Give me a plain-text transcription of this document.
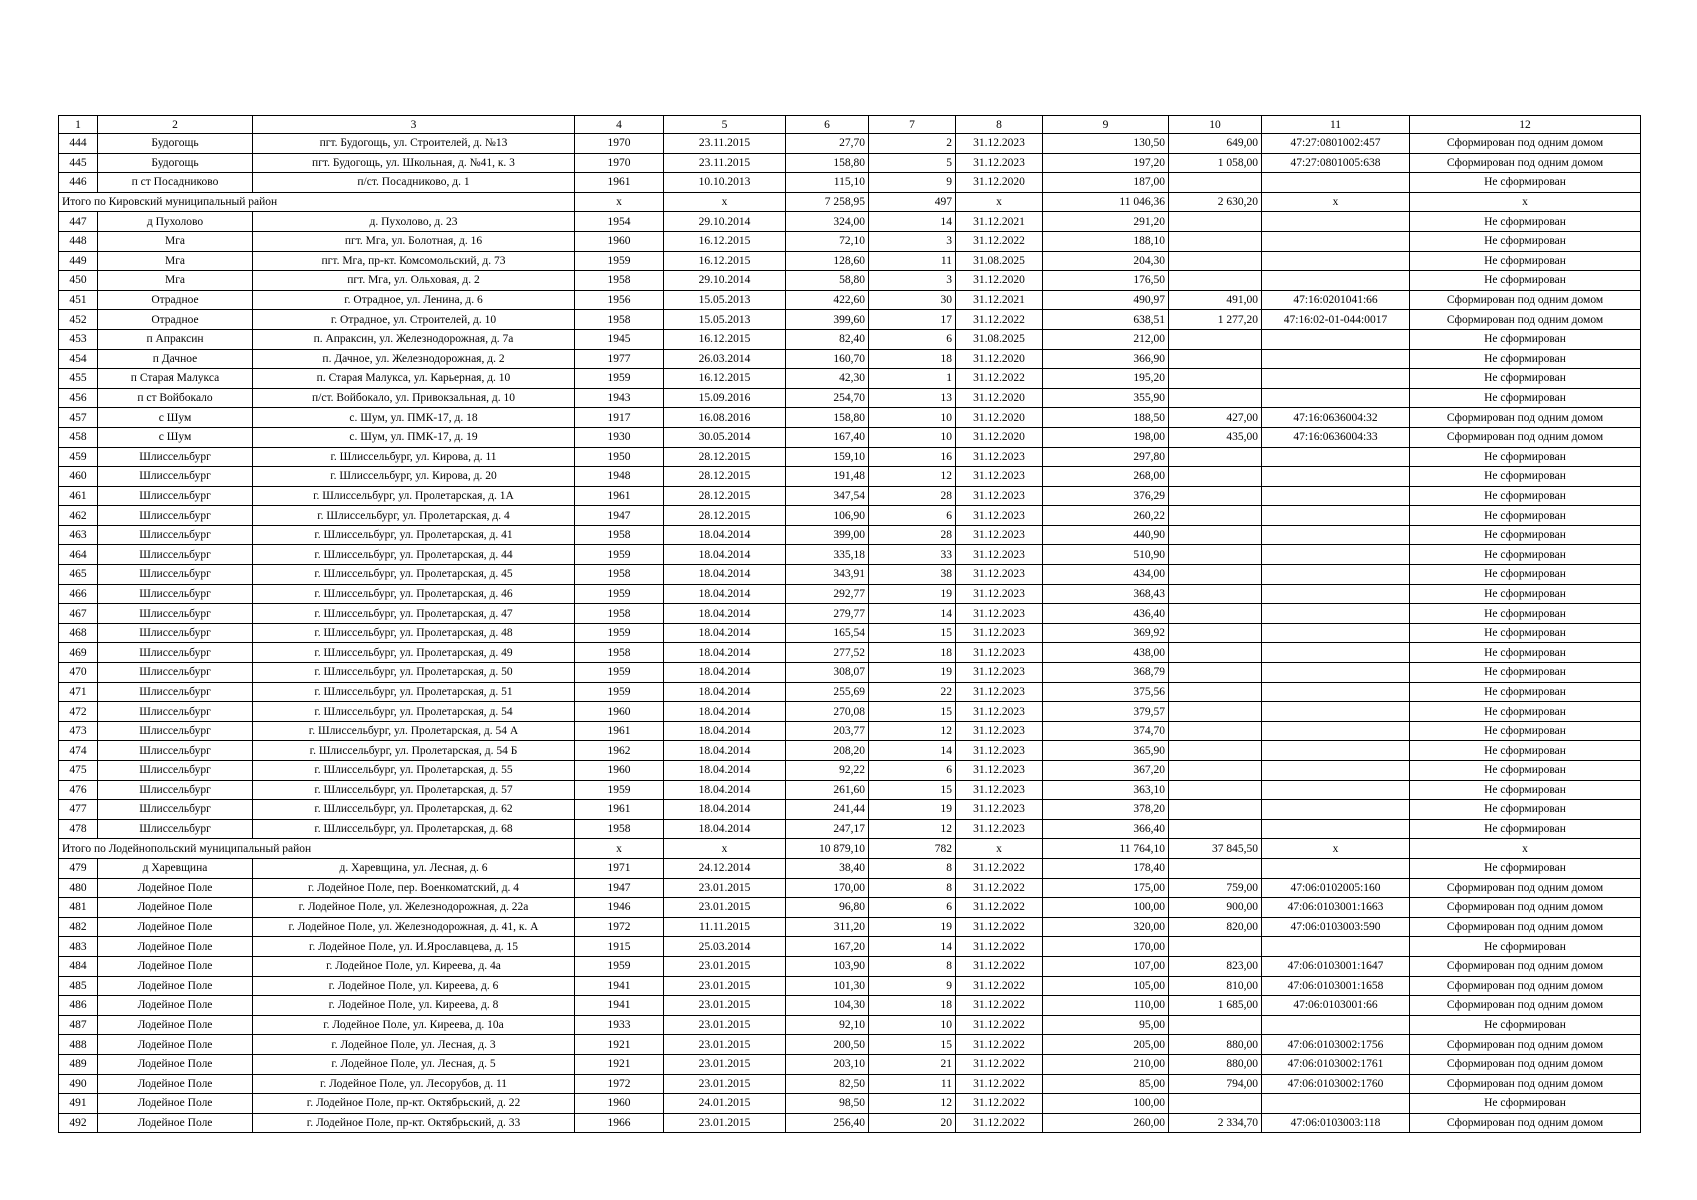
1	2	3	4	5	6	7	8	9	10	11	12
444	Будогощь	пгт. Будогощь, ул. Строителей, д. №13	1970	23.11.2015	27,70	2	31.12.2023	130,50	649,00	47:27:0801002:457	Сформирован под одним домом
445	Будогощь	пгт. Будогощь, ул. Школьная, д. №41, к. 3	1970	23.11.2015	158,80	5	31.12.2023	197,20	1 058,00	47:27:0801005:638	Сформирован под одним домом
446	п ст Посадниково	п/ст. Посадниково, д. 1	1961	10.10.2013	115,10	9	31.12.2020	187,00			Не сформирован
Итого по Кировский муниципальный район			x	x	7 258,95	497	x	11 046,36	2 630,20	x	x
447	д Пухолово	д. Пухолово, д. 23	1954	29.10.2014	324,00	14	31.12.2021	291,20			Не сформирован
448	Мга	пгт. Мга, ул. Болотная, д. 16	1960	16.12.2015	72,10	3	31.12.2022	188,10			Не сформирован
449	Мга	пгт. Мга, пр-кт. Комсомольский, д. 73	1959	16.12.2015	128,60	11	31.08.2025	204,30			Не сформирован
450	Мга	пгт. Мга, ул. Ольховая, д. 2	1958	29.10.2014	58,80	3	31.12.2020	176,50			Не сформирован
451	Отрадное	г. Отрадное, ул. Ленина, д. 6	1956	15.05.2013	422,60	30	31.12.2021	490,97	491,00	47:16:0201041:66	Сформирован под одним домом
452	Отрадное	г. Отрадное, ул. Строителей, д. 10	1958	15.05.2013	399,60	17	31.12.2022	638,51	1 277,20	47:16:02-01-044:0017	Сформирован под одним домом
453	п Апраксин	п. Апраксин, ул. Железнодорожная, д. 7а	1945	16.12.2015	82,40	6	31.08.2025	212,00			Не сформирован
454	п Дачное	п. Дачное, ул. Железнодорожная, д. 2	1977	26.03.2014	160,70	18	31.12.2020	366,90			Не сформирован
455	п Старая Малукса	п. Старая Малукса, ул. Карьерная, д. 10	1959	16.12.2015	42,30	1	31.12.2022	195,20			Не сформирован
456	п ст Войбокало	п/ст. Войбокало, ул. Привокзальная, д. 10	1943	15.09.2016	254,70	13	31.12.2020	355,90			Не сформирован
457	с Шум	с. Шум, ул. ПМК-17, д. 18	1917	16.08.2016	158,80	10	31.12.2020	188,50	427,00	47:16:0636004:32	Сформирован под одним домом
458	с Шум	с. Шум, ул. ПМК-17, д. 19	1930	30.05.2014	167,40	10	31.12.2020	198,00	435,00	47:16:0636004:33	Сформирован под одним домом
459	Шлиссельбург	г. Шлиссельбург, ул. Кирова, д. 11	1950	28.12.2015	159,10	16	31.12.2023	297,80			Не сформирован
460	Шлиссельбург	г. Шлиссельбург, ул. Кирова, д. 20	1948	28.12.2015	191,48	12	31.12.2023	268,00			Не сформирован
461	Шлиссельбург	г. Шлиссельбург, ул. Пролетарская, д. 1А	1961	28.12.2015	347,54	28	31.12.2023	376,29			Не сформирован
462	Шлиссельбург	г. Шлиссельбург, ул. Пролетарская, д. 4	1947	28.12.2015	106,90	6	31.12.2023	260,22			Не сформирован
463	Шлиссельбург	г. Шлиссельбург, ул. Пролетарская, д. 41	1958	18.04.2014	399,00	28	31.12.2023	440,90			Не сформирован
464	Шлиссельбург	г. Шлиссельбург, ул. Пролетарская, д. 44	1959	18.04.2014	335,18	33	31.12.2023	510,90			Не сформирован
465	Шлиссельбург	г. Шлиссельбург, ул. Пролетарская, д. 45	1958	18.04.2014	343,91	38	31.12.2023	434,00			Не сформирован
466	Шлиссельбург	г. Шлиссельбург, ул. Пролетарская, д. 46	1959	18.04.2014	292,77	19	31.12.2023	368,43			Не сформирован
467	Шлиссельбург	г. Шлиссельбург, ул. Пролетарская, д. 47	1958	18.04.2014	279,77	14	31.12.2023	436,40			Не сформирован
468	Шлиссельбург	г. Шлиссельбург, ул. Пролетарская, д. 48	1959	18.04.2014	165,54	15	31.12.2023	369,92			Не сформирован
469	Шлиссельбург	г. Шлиссельбург, ул. Пролетарская, д. 49	1958	18.04.2014	277,52	18	31.12.2023	438,00			Не сформирован
470	Шлиссельбург	г. Шлиссельбург, ул. Пролетарская, д. 50	1959	18.04.2014	308,07	19	31.12.2023	368,79			Не сформирован
471	Шлиссельбург	г. Шлиссельбург, ул. Пролетарская, д. 51	1959	18.04.2014	255,69	22	31.12.2023	375,56			Не сформирован
472	Шлиссельбург	г. Шлиссельбург, ул. Пролетарская, д. 54	1960	18.04.2014	270,08	15	31.12.2023	379,57			Не сформирован
473	Шлиссельбург	г. Шлиссельбург, ул. Пролетарская, д. 54 А	1961	18.04.2014	203,77	12	31.12.2023	374,70			Не сформирован
474	Шлиссельбург	г. Шлиссельбург, ул. Пролетарская, д. 54 Б	1962	18.04.2014	208,20	14	31.12.2023	365,90			Не сформирован
475	Шлиссельбург	г. Шлиссельбург, ул. Пролетарская, д. 55	1960	18.04.2014	92,22	6	31.12.2023	367,20			Не сформирован
476	Шлиссельбург	г. Шлиссельбург, ул. Пролетарская, д. 57	1959	18.04.2014	261,60	15	31.12.2023	363,10			Не сформирован
477	Шлиссельбург	г. Шлиссельбург, ул. Пролетарская, д. 62	1961	18.04.2014	241,44	19	31.12.2023	378,20			Не сформирован
478	Шлиссельбург	г. Шлиссельбург, ул. Пролетарская, д. 68	1958	18.04.2014	247,17	12	31.12.2023	366,40			Не сформирован
Итого по Лодейнопольский муниципальный район			x	x	10 879,10	782	x	11 764,10	37 845,50	x	x
479	д Харевщина	д. Харевщина, ул. Лесная, д. 6	1971	24.12.2014	38,40	8	31.12.2022	178,40			Не сформирован
480	Лодейное Поле	г. Лодейное Поле, пер. Военкоматский, д. 4	1947	23.01.2015	170,00	8	31.12.2022	175,00	759,00	47:06:0102005:160	Сформирован под одним домом
481	Лодейное Поле	г. Лодейное Поле, ул. Железнодорожная, д. 22а	1946	23.01.2015	96,80	6	31.12.2022	100,00	900,00	47:06:0103001:1663	Сформирован под одним домом
482	Лодейное Поле	г. Лодейное Поле, ул. Железнодорожная, д. 41, к. А	1972	11.11.2015	311,20	19	31.12.2022	320,00	820,00	47:06:0103003:590	Сформирован под одним домом
483	Лодейное Поле	г. Лодейное Поле, ул. И.Ярославцева, д. 15	1915	25.03.2014	167,20	14	31.12.2022	170,00			Не сформирован
484	Лодейное Поле	г. Лодейное Поле, ул. Киреева, д. 4а	1959	23.01.2015	103,90	8	31.12.2022	107,00	823,00	47:06:0103001:1647	Сформирован под одним домом
485	Лодейное Поле	г. Лодейное Поле, ул. Киреева, д. 6	1941	23.01.2015	101,30	9	31.12.2022	105,00	810,00	47:06:0103001:1658	Сформирован под одним домом
486	Лодейное Поле	г. Лодейное Поле, ул. Киреева, д. 8	1941	23.01.2015	104,30	18	31.12.2022	110,00	1 685,00	47:06:0103001:66	Сформирован под одним домом
487	Лодейное Поле	г. Лодейное Поле, ул. Киреева, д. 10а	1933	23.01.2015	92,10	10	31.12.2022	95,00			Не сформирован
488	Лодейное Поле	г. Лодейное Поле, ул. Лесная, д. 3	1921	23.01.2015	200,50	15	31.12.2022	205,00	880,00	47:06:0103002:1756	Сформирован под одним домом
489	Лодейное Поле	г. Лодейное Поле, ул. Лесная, д. 5	1921	23.01.2015	203,10	21	31.12.2022	210,00	880,00	47:06:0103002:1761	Сформирован под одним домом
490	Лодейное Поле	г. Лодейное Поле, ул. Лесорубов, д. 11	1972	23.01.2015	82,50	11	31.12.2022	85,00	794,00	47:06:0103002:1760	Сформирован под одним домом
491	Лодейное Поле	г. Лодейное Поле, пр-кт. Октябрьский, д. 22	1960	24.01.2015	98,50	12	31.12.2022	100,00			Не сформирован
492	Лодейное Поле	г. Лодейное Поле, пр-кт. Октябрьский, д. 33	1966	23.01.2015	256,40	20	31.12.2022	260,00	2 334,70	47:06:0103003:118	Сформирован под одним домом
